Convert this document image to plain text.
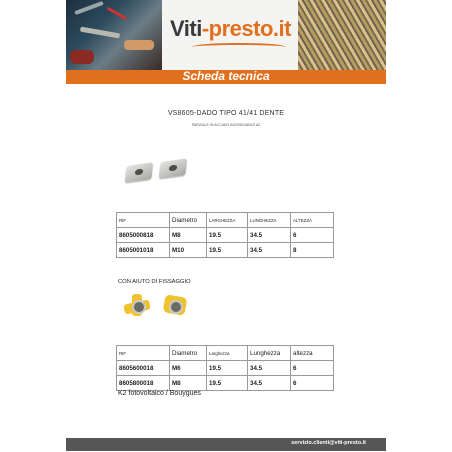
Viti-presto.it
Scheda tecnica
VS8605-DADO TIPO 41/41 DENTE
PARZIALE IN ACCIAIO INOSSIDABILE A2
RIF	Diametro	LARGHEZZA	LUNGHEZZA	ALTEZZA
8605000818	M8	19.5	34.5	6
8605001018	M10	19.5	34.5	8
CON AIUTO DI FISSAGGIO
RIF	Diametro	Larghezza	Lunghezza	altezza
8605600018	M6	19.5	34.5	6
8605800018	M8	19.5	34.5	6
K2 fotovoltaico / Bouygues
servizio.clienti@viti-presto.it
